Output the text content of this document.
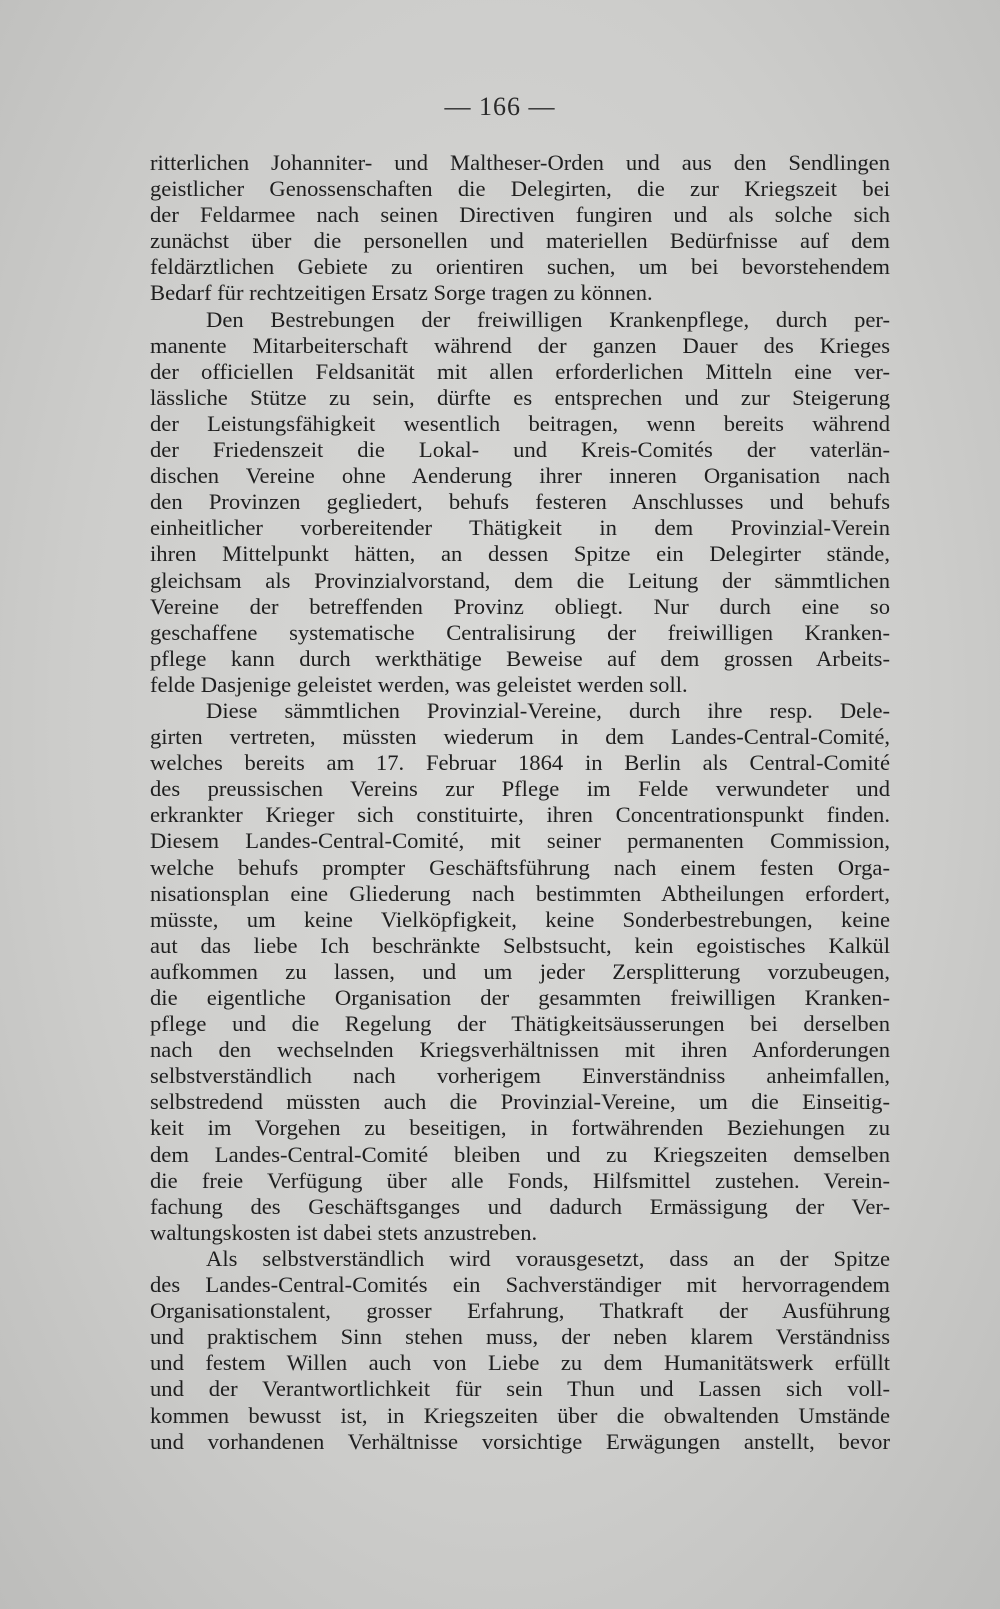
— 166 —
ritterlichen Johanniter- und Maltheser-Orden und aus den Sendlingen
geistlicher Genossenschaften die Delegirten, die zur Kriegszeit bei
der Feldarmee nach seinen Directiven fungiren und als solche sich
zunächst über die personellen und materiellen Bedürfnisse auf dem
feldärztlichen Gebiete zu orientiren suchen, um bei bevorstehendem
Bedarf für rechtzeitigen Ersatz Sorge tragen zu können.
Den Bestrebungen der freiwilligen Krankenpflege, durch per-
manente Mitarbeiterschaft während der ganzen Dauer des Krieges
der officiellen Feldsanität mit allen erforderlichen Mitteln eine ver-
lässliche Stütze zu sein, dürfte es entsprechen und zur Steigerung
der Leistungsfähigkeit wesentlich beitragen, wenn bereits während
der Friedenszeit die Lokal- und Kreis-Comités der vaterlän-
dischen Vereine ohne Aenderung ihrer inneren Organisation nach
den Provinzen gegliedert, behufs festeren Anschlusses und behufs
einheitlicher vorbereitender Thätigkeit in dem Provinzial-Verein
ihren Mittelpunkt hätten, an dessen Spitze ein Delegirter stände,
gleichsam als Provinzialvorstand, dem die Leitung der sämmtlichen
Vereine der betreffenden Provinz obliegt. Nur durch eine so
geschaffene systematische Centralisirung der freiwilligen Kranken-
pflege kann durch werkthätige Beweise auf dem grossen Arbeits-
felde Dasjenige geleistet werden, was geleistet werden soll.
Diese sämmtlichen Provinzial-Vereine, durch ihre resp. Dele-
girten vertreten, müssten wiederum in dem Landes-Central-Comité,
welches bereits am 17. Februar 1864 in Berlin als Central-Comité
des preussischen Vereins zur Pflege im Felde verwundeter und
erkrankter Krieger sich constituirte, ihren Concentrationspunkt finden.
Diesem Landes-Central-Comité, mit seiner permanenten Commission,
welche behufs prompter Geschäftsführung nach einem festen Orga-
nisationsplan eine Gliederung nach bestimmten Abtheilungen erfordert,
müsste, um keine Vielköpfigkeit, keine Sonderbestrebungen, keine
aut das liebe Ich beschränkte Selbstsucht, kein egoistisches Kalkül
aufkommen zu lassen, und um jeder Zersplitterung vorzubeugen,
die eigentliche Organisation der gesammten freiwilligen Kranken-
pflege und die Regelung der Thätigkeitsäusserungen bei derselben
nach den wechselnden Kriegsverhältnissen mit ihren Anforderungen
selbstverständlich nach vorherigem Einverständniss anheimfallen,
selbstredend müssten auch die Provinzial-Vereine, um die Einseitig-
keit im Vorgehen zu beseitigen, in fortwährenden Beziehungen zu
dem Landes-Central-Comité bleiben und zu Kriegszeiten demselben
die freie Verfügung über alle Fonds, Hilfsmittel zustehen. Verein-
fachung des Geschäftsganges und dadurch Ermässigung der Ver-
waltungskosten ist dabei stets anzustreben.
Als selbstverständlich wird vorausgesetzt, dass an der Spitze
des Landes-Central-Comités ein Sachverständiger mit hervorragendem
Organisationstalent, grosser Erfahrung, Thatkraft der Ausführung
und praktischem Sinn stehen muss, der neben klarem Verständniss
und festem Willen auch von Liebe zu dem Humanitätswerk erfüllt
und der Verantwortlichkeit für sein Thun und Lassen sich voll-
kommen bewusst ist, in Kriegszeiten über die obwaltenden Umstände
und vorhandenen Verhältnisse vorsichtige Erwägungen anstellt, bevor
